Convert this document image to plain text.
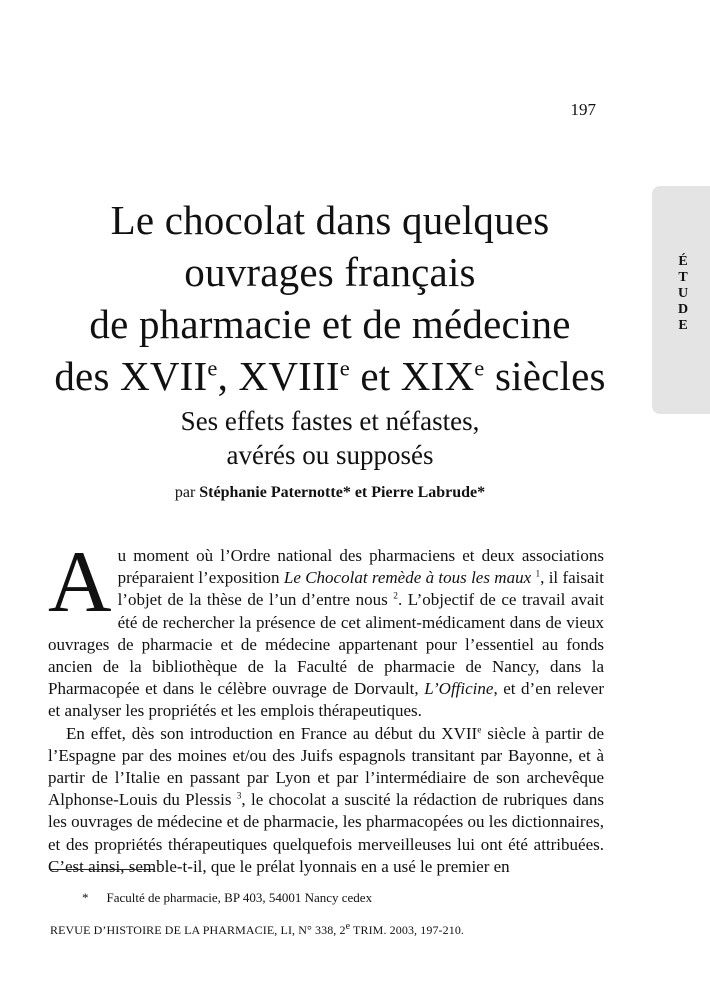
197

É
T
U
D
E
Le chocolat dans quelques
ouvrages français
de pharmacie et de médecine
des XVIIe, XVIIIe et XIXe siècles
Ses effets fastes et néfastes,
avérés ou supposés

par Stéphanie Paternotte* et Pierre Labrude*

Au moment où l’Ordre national des pharmaciens et deux associations préparaient l’exposition Le Chocolat remède à tous les maux $^1$, il faisait l’objet de la thèse de l’un d’entre nous $^2$. L’objectif de ce travail avait été de rechercher la présence de cet aliment-médicament dans de vieux ouvrages de pharmacie et de médecine appartenant pour l’essentiel au fonds ancien de la bibliothèque de la Faculté de pharmacie de Nancy, dans la Pharmacopée et dans le célèbre ouvrage de Dorvault, L’Officine, et d’en relever et analyser les propriétés et les emplois thérapeutiques.

En effet, dès son introduction en France au début du XVIIe siècle à partir de l’Espagne par des moines et/ou des Juifs espagnols transitant par Bayonne, et à partir de l’Italie en passant par Lyon et par l’intermédiaire de son archevêque Alphonse-Louis du Plessis $^3$, le chocolat a suscité la rédaction de rubriques dans les ouvrages de médecine et de pharmacie, les pharmacopées ou les dictionnaires, et des propriétés thérapeutiques quelquefois merveilleuses lui ont été attribuées. C’est ainsi, semble-t-il, que le prélat lyonnais en a usé le premier en

* Faculté de pharmacie, BP 403, 54001 Nancy cedex

REVUE D’HISTOIRE DE LA PHARMACIE, LI, N° 338, 2e TRIM. 2003, 197-210.
